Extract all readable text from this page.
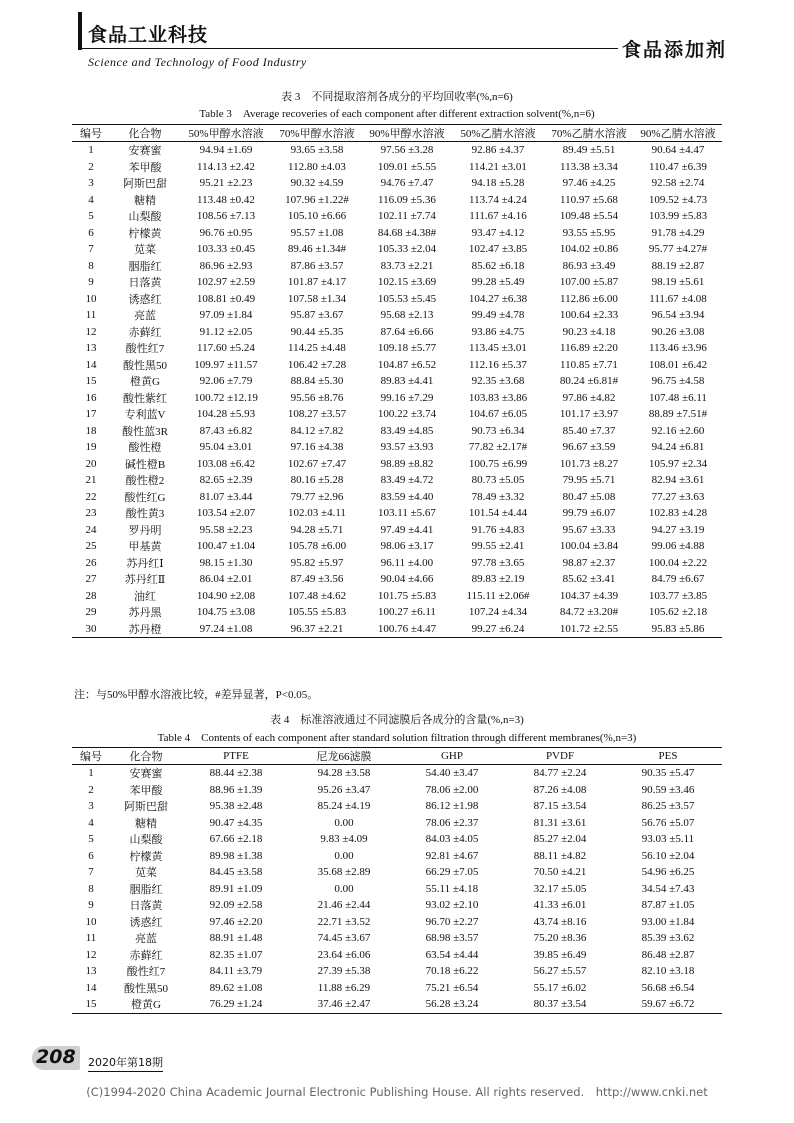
食品工业科技
Science and Technology of Food Industry
食品添加剂
表 3　不同提取溶剂各成分的平均回收率(%,n=6)
Table 3　Average recoveries of each component after different extraction solvent(%,n=6)
编号	化合物	50%甲醇水溶液	70%甲醇水溶液	90%甲醇水溶液	50%乙腈水溶液	70%乙腈水溶液	90%乙腈水溶液
1	安赛蜜	94.94 ±1.69	93.65 ±3.58	97.56 ±3.28	92.86 ±4.37	89.49 ±5.51	90.64 ±4.47
2	苯甲酸	114.13 ±2.42	112.80 ±4.03	109.01 ±5.55	114.21 ±3.01	113.38 ±3.34	110.47 ±6.39
3	阿斯巴甜	95.21 ±2.23	90.32 ±4.59	94.76 ±7.47	94.18 ±5.28	97.46 ±4.25	92.58 ±2.74
4	糖精	113.48 ±0.42	107.96 ±1.22#	116.09 ±5.36	113.74 ±4.24	110.97 ±5.68	109.52 ±4.73
5	山梨酸	108.56 ±7.13	105.10 ±6.66	102.11 ±7.74	111.67 ±4.16	109.48 ±5.54	103.99 ±5.83
6	柠檬黄	96.76 ±0.95	95.57 ±1.08	84.68 ±4.38#	93.47 ±4.12	93.55 ±5.95	91.78 ±4.29
7	苋菜	103.33 ±0.45	89.46 ±1.34#	105.33 ±2.04	102.47 ±3.85	104.02 ±0.86	95.77 ±4.27#
8	胭脂红	86.96 ±2.93	87.86 ±3.57	83.73 ±2.21	85.62 ±6.18	86.93 ±3.49	88.19 ±2.87
9	日落黄	102.97 ±2.59	101.87 ±4.17	102.15 ±3.69	99.28 ±5.49	107.00 ±5.87	98.19 ±5.61
10	诱惑红	108.81 ±0.49	107.58 ±1.34	105.53 ±5.45	104.27 ±6.38	112.86 ±6.00	111.67 ±4.08
11	亮蓝	97.09 ±1.84	95.87 ±3.67	95.68 ±2.13	99.49 ±4.78	100.64 ±2.33	96.54 ±3.94
12	赤藓红	91.12 ±2.05	90.44 ±5.35	87.64 ±6.66	93.86 ±4.75	90.23 ±4.18	90.26 ±3.08
13	酸性红7	117.60 ±5.24	114.25 ±4.48	109.18 ±5.77	113.45 ±3.01	116.89 ±2.20	113.46 ±3.96
14	酸性黑50	109.97 ±11.57	106.42 ±7.28	104.87 ±6.52	112.16 ±5.37	110.85 ±7.71	108.01 ±6.42
15	橙黄G	92.06 ±7.79	88.84 ±5.30	89.83 ±4.41	92.35 ±3.68	80.24 ±6.81#	96.75 ±4.58
16	酸性紫红	100.72 ±12.19	95.56 ±8.76	99.16 ±7.29	103.83 ±3.86	97.86 ±4.82	107.48 ±6.11
17	专利蓝V	104.28 ±5.93	108.27 ±3.57	100.22 ±3.74	104.67 ±6.05	101.17 ±3.97	88.89 ±7.51#
18	酸性蓝3R	87.43 ±6.82	84.12 ±7.82	83.49 ±4.85	90.73 ±6.34	85.40 ±7.37	92.16 ±2.60
19	酸性橙	95.04 ±3.01	97.16 ±4.38	93.57 ±3.93	77.82 ±2.17#	96.67 ±3.59	94.24 ±6.81
20	碱性橙B	103.08 ±6.42	102.67 ±7.47	98.89 ±8.82	100.75 ±6.99	101.73 ±8.27	105.97 ±2.34
21	酸性橙2	82.65 ±2.39	80.16 ±5.28	83.49 ±4.72	80.73 ±5.05	79.95 ±5.71	82.94 ±3.61
22	酸性红G	81.07 ±3.44	79.77 ±2.96	83.59 ±4.40	78.49 ±3.32	80.47 ±5.08	77.27 ±3.63
23	酸性黄3	103.54 ±2.07	102.03 ±4.11	103.11 ±5.67	101.54 ±4.44	99.79 ±6.07	102.83 ±4.28
24	罗丹明	95.58 ±2.23	94.28 ±5.71	97.49 ±4.41	91.76 ±4.83	95.67 ±3.33	94.27 ±3.19
25	甲基黄	100.47 ±1.04	105.78 ±6.00	98.06 ±3.17	99.55 ±2.41	100.04 ±3.84	99.06 ±4.88
26	苏丹红Ⅰ	98.15 ±1.30	95.82 ±5.97	96.11 ±4.00	97.78 ±3.65	98.87 ±2.37	100.04 ±2.22
27	苏丹红Ⅱ	86.04 ±2.01	87.49 ±3.56	90.04 ±4.66	89.83 ±2.19	85.62 ±3.41	84.79 ±6.67
28	油红	104.90 ±2.08	107.48 ±4.62	101.75 ±5.83	115.11 ±2.06#	104.37 ±4.39	103.77 ±3.85
29	苏丹黑	104.75 ±3.08	105.55 ±5.83	100.27 ±6.11	107.24 ±4.34	84.72 ±3.20#	105.62 ±2.18
30	苏丹橙	97.24 ±1.08	96.37 ±2.21	100.76 ±4.47	99.27 ±6.24	101.72 ±2.55	95.83 ±5.86
注：与50%甲醇水溶液比较，#差异显著，P<0.05。
表 4　标准溶液通过不同滤膜后各成分的含量(%,n=3)
Table 4　Contents of each component after standard solution filtration through different membranes(%,n=3)
编号	化合物	PTFE	尼龙66滤膜	GHP	PVDF	PES
1	安赛蜜	88.44 ±2.38	94.28 ±3.58	54.40 ±3.47	84.77 ±2.24	90.35 ±5.47
2	苯甲酸	88.96 ±1.39	95.26 ±3.47	78.06 ±2.00	87.26 ±4.08	90.59 ±3.46
3	阿斯巴甜	95.38 ±2.48	85.24 ±4.19	86.12 ±1.98	87.15 ±3.54	86.25 ±3.57
4	糖精	90.47 ±4.35	0.00	78.06 ±2.37	81.31 ±3.61	56.76 ±5.07
5	山梨酸	67.66 ±2.18	9.83 ±4.09	84.03 ±4.05	85.27 ±2.04	93.03 ±5.11
6	柠檬黄	89.98 ±1.38	0.00	92.81 ±4.67	88.11 ±4.82	56.10 ±2.04
7	苋菜	84.45 ±3.58	35.68 ±2.89	66.29 ±7.05	70.50 ±4.21	54.96 ±6.25
8	胭脂红	89.91 ±1.09	0.00	55.11 ±4.18	32.17 ±5.05	34.54 ±7.43
9	日落黄	92.09 ±2.58	21.46 ±2.44	93.02 ±2.10	41.33 ±6.01	87.87 ±1.05
10	诱惑红	97.46 ±2.20	22.71 ±3.52	96.70 ±2.27	43.74 ±8.16	93.00 ±1.84
11	亮蓝	88.91 ±1.48	74.45 ±3.67	68.98 ±3.57	75.20 ±8.36	85.39 ±3.62
12	赤藓红	82.35 ±1.07	23.64 ±6.06	63.54 ±4.44	39.85 ±6.49	86.48 ±2.87
13	酸性红7	84.11 ±3.79	27.39 ±5.38	70.18 ±6.22	56.27 ±5.57	82.10 ±3.18
14	酸性黑50	89.62 ±1.08	11.88 ±6.29	75.21 ±6.54	55.17 ±6.02	56.68 ±6.54
15	橙黄G	76.29 ±1.24	37.46 ±2.47	56.28 ±3.24	80.37 ±3.54	59.67 ±6.72
208 2020年第18期
(C)1994-2020 China Academic Journal Electronic Publishing House. All rights reserved.　http://www.cnki.net
